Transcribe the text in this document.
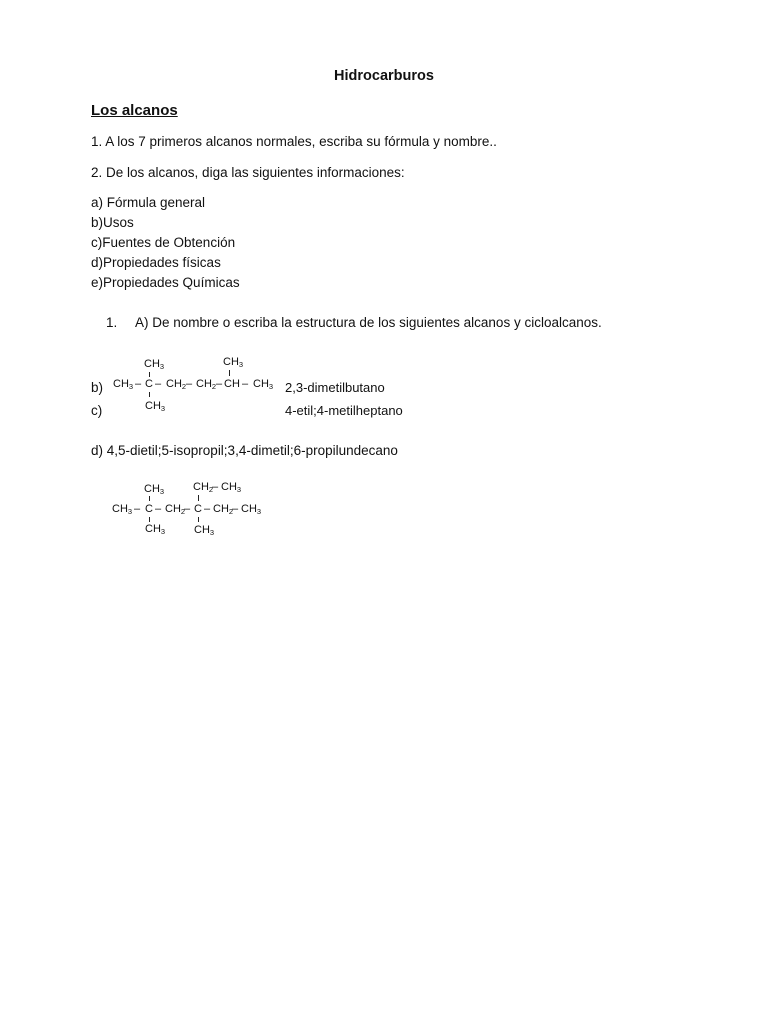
Hidrocarburos
Los alcanos
1. A los 7 primeros alcanos normales, escriba su fórmula y nombre..
2. De los alcanos, diga las siguientes informaciones:
a) Fórmula general
b)Usos
c)Fuentes de Obtención
d)Propiedades físicas
e)Propiedades Químicas
1. A) De nombre o escriba la estructura de los siguientes alcanos y cicloalcanos.
b)
c)
2,3-dimetilbutano
4-etil;4-metilheptano
$CH_3$	$CH_3$
$CH_3$ – C – $CH_2 - CH_2$ – CH – $CH_3$
$CH_3$
d) 4,5-dietil;5-isopropil;3,4-dimetil;6-propilundecano
$CH_3$	$CH_2$
– $CH_3$
$CH_3$ – C – $CH_2$
– C – $CH_2$
– $CH_3$
$CH_3$	$CH_3$
